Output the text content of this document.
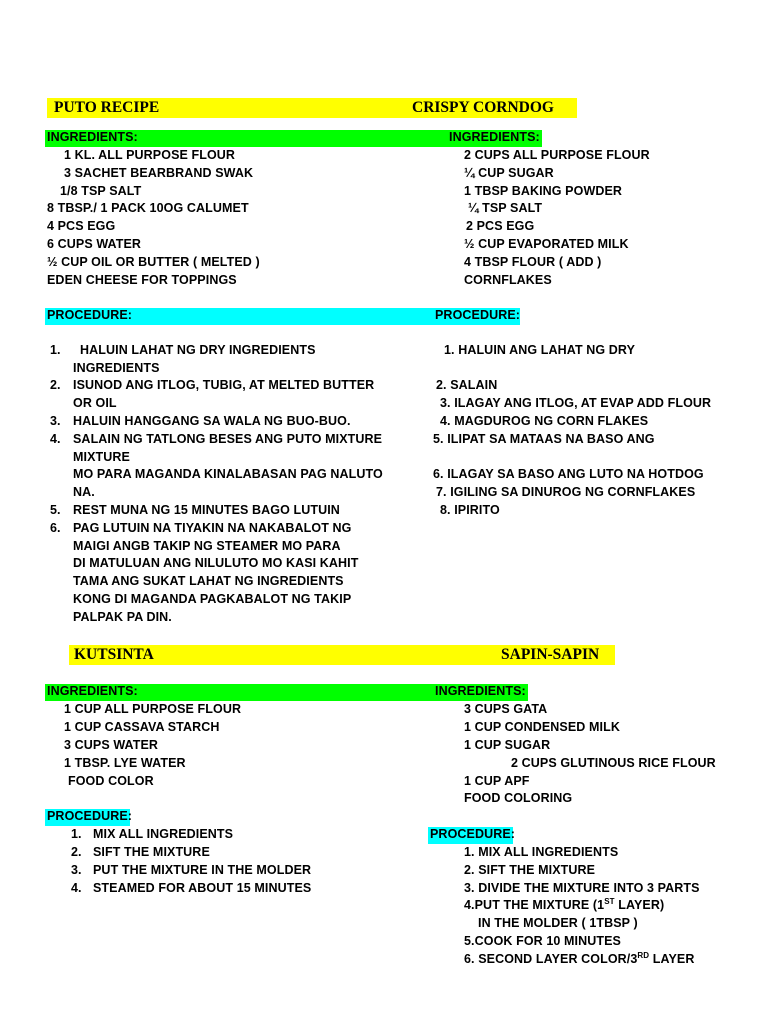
PUTO RECIPE	CRISPY CORNDOG
INGREDIENTS:	INGREDIENTS:
1 KL. ALL PURPOSE FLOUR
3 SACHET BEARBRAND SWAK
1/8 TSP SALT
8 TBSP./ 1 PACK 10OG CALUMET
4 PCS EGG
6 CUPS WATER
½ CUP OIL OR BUTTER ( MELTED )
EDEN CHEESE FOR TOPPINGS
2 CUPS ALL PURPOSE FLOUR
¼ CUP SUGAR
1 TBSP BAKING POWDER
¼ TSP SALT
2 PCS EGG
½ CUP EVAPORATED MILK
4 TBSP FLOUR ( ADD )
CORNFLAKES
PROCEDURE:	PROCEDURE:
1. HALUIN LAHAT NG DRY INGREDIENTS
INGREDIENTS
2. ISUNOD ANG ITLOG, TUBIG, AT MELTED BUTTER
OR OIL
3. HALUIN HANGGANG SA WALA NG BUO-BUO.
4. SALAIN NG TATLONG BESES ANG PUTO MIXTURE
MIXTURE
MO PARA MAGANDA KINALABASAN PAG NALUTO
NA.
5. REST MUNA NG 15 MINUTES BAGO LUTUIN
6. PAG LUTUIN NA TIYAKIN NA NAKABALOT NG
MAIGI ANGB TAKIP NG STEAMER MO PARA
DI MATULUAN ANG NILULUTO MO KASI KAHIT
TAMA ANG SUKAT LAHAT NG INGREDIENTS
KONG DI MAGANDA PAGKABALOT NG TAKIP
PALPAK PA DIN.
1. HALUIN ANG LAHAT NG DRY
2. SALAIN
3. ILAGAY ANG ITLOG, AT EVAP ADD FLOUR
4. MAGDUROG NG CORN FLAKES
5. ILIPAT SA MATAAS NA BASO ANG
6. ILAGAY SA BASO ANG LUTO NA HOTDOG
7. IGILING SA DINUROG NG CORNFLAKES
8. IPIRITO
KUTSINTA	SAPIN-SAPIN
INGREDIENTS:	INGREDIENTS:
1 CUP ALL PURPOSE FLOUR
1 CUP CASSAVA STARCH
3 CUPS WATER
1 TBSP. LYE WATER
FOOD COLOR
3 CUPS GATA
1 CUP CONDENSED MILK
1 CUP SUGAR
2 CUPS GLUTINOUS RICE FLOUR
1 CUP APF
FOOD COLORING
PROCEDURE:
PROCEDURE:
1. MIX ALL INGREDIENTS
2. SIFT THE MIXTURE
3. PUT THE MIXTURE IN THE MOLDER
4. STEAMED FOR ABOUT 15 MINUTES
1. MIX ALL INGREDIENTS
2. SIFT THE MIXTURE
3. DIVIDE THE MIXTURE INTO 3 PARTS
4.PUT THE MIXTURE (1ST LAYER)
IN THE MOLDER ( 1TBSP )
5.COOK FOR 10 MINUTES
6. SECOND LAYER COLOR/3RD LAYER
